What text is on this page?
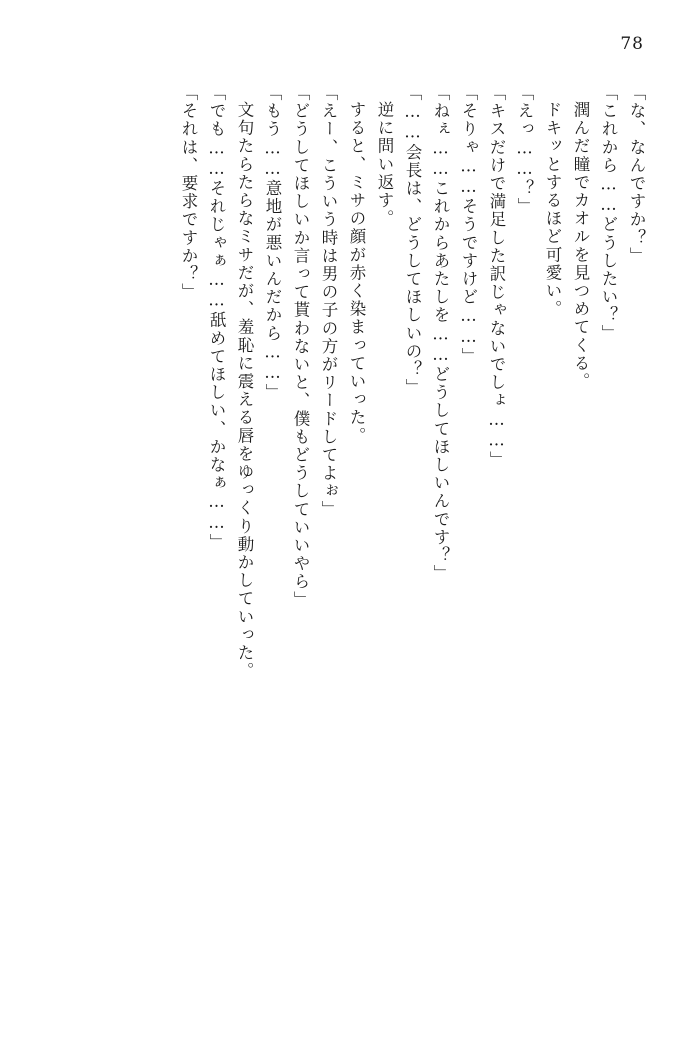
78
「な、なんですか？」
「これから……どうしたい？」
潤んだ瞳でカオルを見つめてくる。
ドキッとするほど可愛い。
「えっ……？」
「キスだけで満足した訳じゃないでしょ……」
「そりゃ……そうですけど……」
「ねぇ……これからあたしを……どうしてほしいんです？」
「……会長は、どうしてほしいの？」
逆に問い返す。
すると、ミサの顔が赤く染まっていった。
「えー、こういう時は男の子の方がリードしてよぉ」
「どうしてほしいか言って貰わないと、僕もどうしていいやら」
「もう……意地が悪いんだから……」
文句たらたらなミサだが、羞恥に震える唇をゆっくり動かしていった。
「でも……それじゃぁ……舐めてほしい、かなぁ……」
「それは、要求ですか？」
